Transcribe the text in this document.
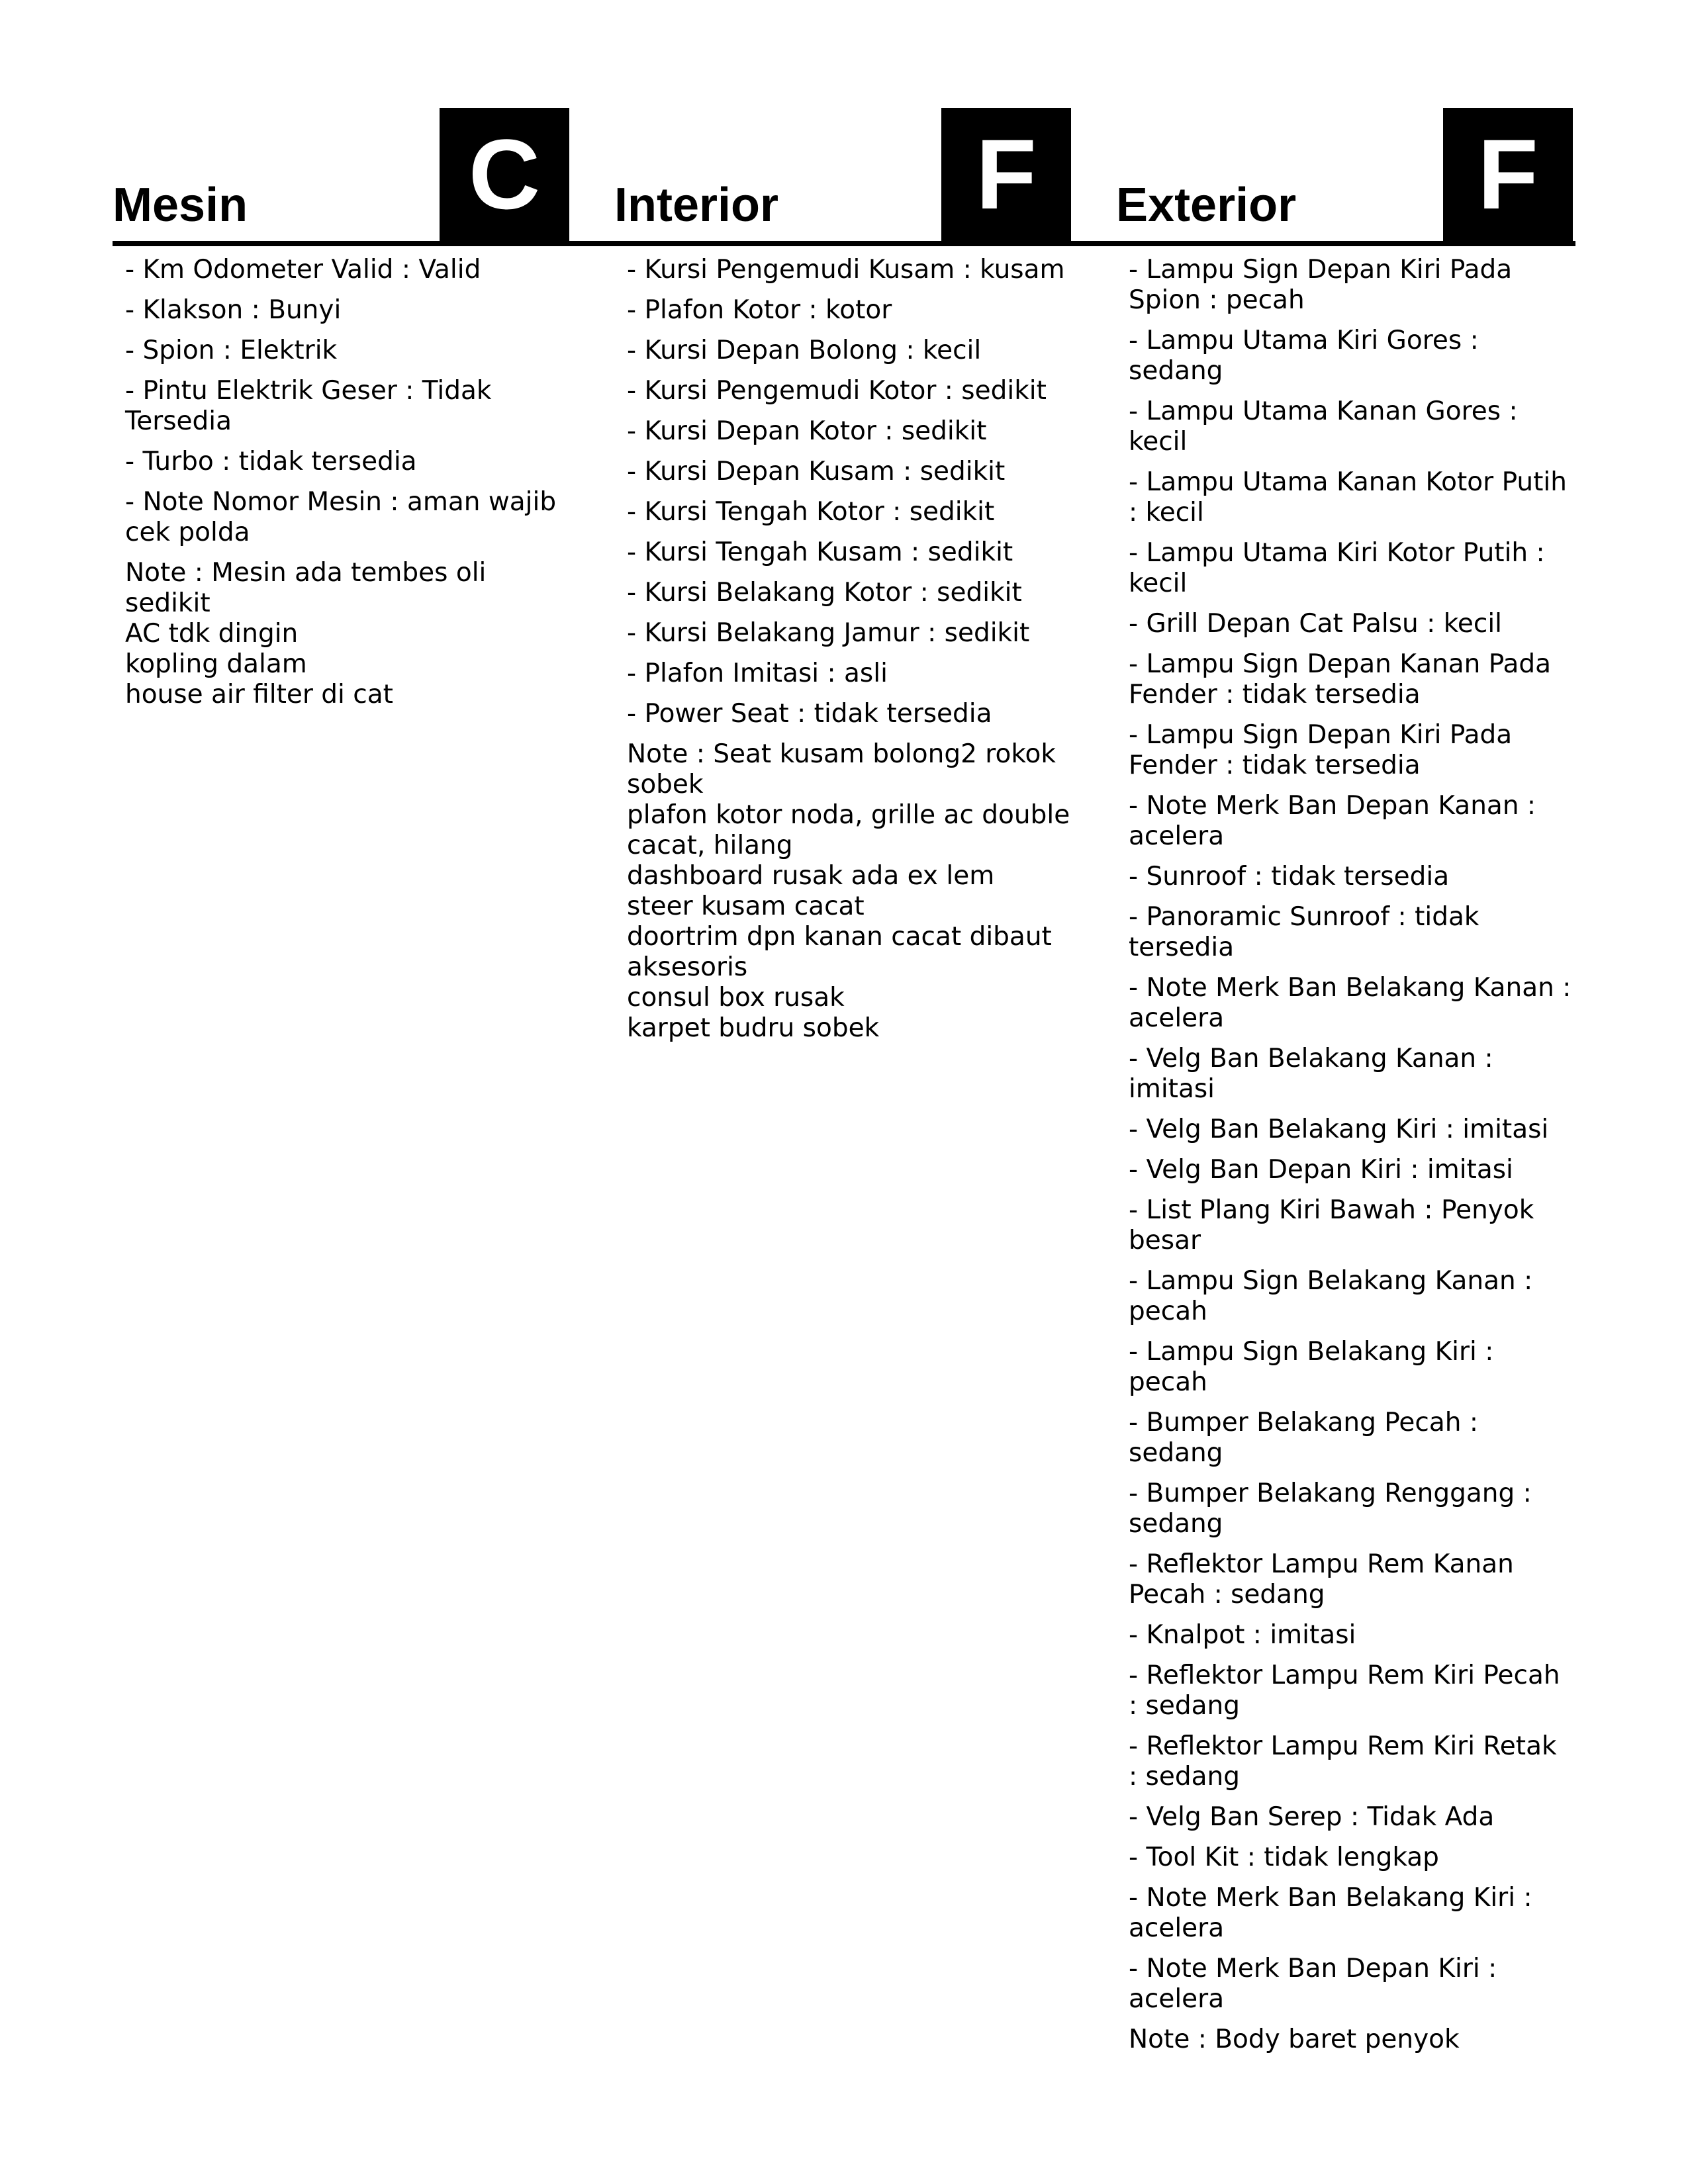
Mesin C
- Km Odometer Valid : Valid
- Klakson : Bunyi
- Spion : Elektrik
- Pintu Elektrik Geser : Tidak Tersedia
- Turbo : tidak tersedia
- Note Nomor Mesin : aman wajib cek polda
Note : Mesin ada tembes oli sedikit
AC tdk dingin
kopling dalam
house air filter di cat
Interior	F
- Kursi Pengemudi Kusam : kusam
- Plafon Kotor : kotor
- Kursi Depan Bolong : kecil
- Kursi Pengemudi Kotor : sedikit
- Kursi Depan Kotor : sedikit
- Kursi Depan Kusam : sedikit
- Kursi Tengah Kotor : sedikit
- Kursi Tengah Kusam : sedikit
- Kursi Belakang Kotor : sedikit
- Kursi Belakang Jamur : sedikit
- Plafon Imitasi : asli
- Power Seat : tidak tersedia
Note : Seat kusam bolong2 rokok sobek
plafon kotor noda, grille ac double cacat, hilang
dashboard rusak ada ex lem
steer kusam cacat
doortrim dpn kanan cacat dibaut aksesoris
consul box rusak
karpet budru sobek
Exterior	F
- Lampu Sign Depan Kiri Pada Spion : pecah
- Lampu Utama Kiri Gores : sedang
- Lampu Utama Kanan Gores : kecil
- Lampu Utama Kanan Kotor Putih : kecil
- Lampu Utama Kiri Kotor Putih : kecil
- Grill Depan Cat Palsu : kecil
- Lampu Sign Depan Kanan Pada Fender : tidak tersedia
- Lampu Sign Depan Kiri Pada Fender : tidak tersedia
- Note Merk Ban Depan Kanan : acelera
- Sunroof : tidak tersedia
- Panoramic Sunroof : tidak tersedia
- Note Merk Ban Belakang Kanan : acelera
- Velg Ban Belakang Kanan : imitasi
- Velg Ban Belakang Kiri : imitasi
- Velg Ban Depan Kiri : imitasi
- List Plang Kiri Bawah : Penyok besar
- Lampu Sign Belakang Kanan : pecah
- Lampu Sign Belakang Kiri : pecah
- Bumper Belakang Pecah : sedang
- Bumper Belakang Renggang : sedang
- Reflektor Lampu Rem Kanan Pecah : sedang
- Knalpot : imitasi
- Reflektor Lampu Rem Kiri Pecah : sedang
- Reflektor Lampu Rem Kiri Retak : sedang
- Velg Ban Serep : Tidak Ada
- Tool Kit : tidak lengkap
- Note Merk Ban Belakang Kiri : acelera
- Note Merk Ban Depan Kiri : acelera
Note : Body baret penyok
